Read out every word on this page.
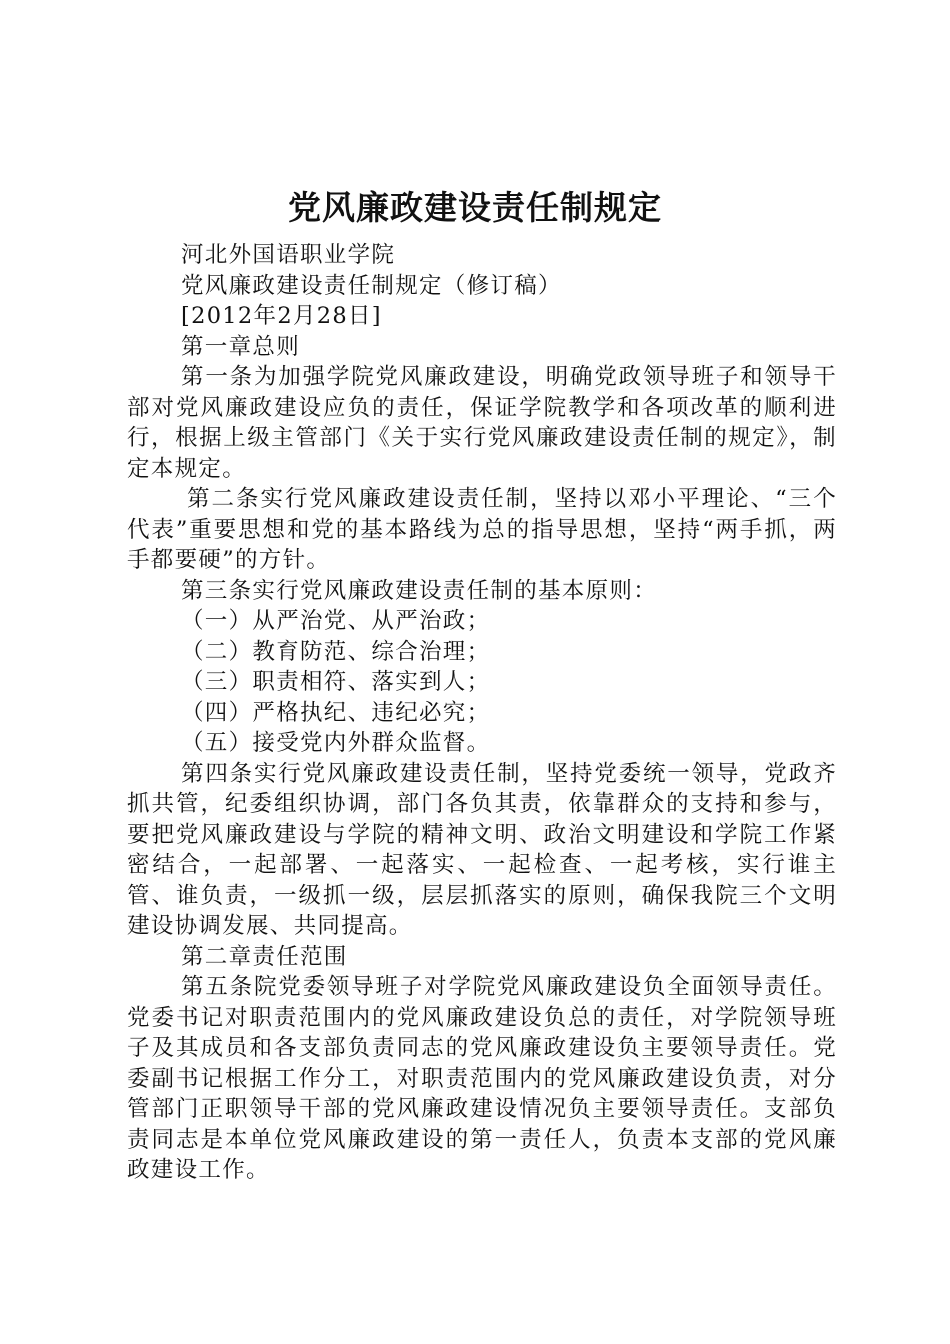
党风廉政建设责任制规定

河北外国语职业学院

党风廉政建设责任制规定（修订稿）

[2012年2月28日]

第一章总则

第一条为加强学院党风廉政建设，明确党政领导班子和领导干部对党风廉政建设应负的责任，保证学院教学和各项改革的顺利进行，根据上级主管部门《关于实行党风廉政建设责任制的规定》，制定本规定。

第二条实行党风廉政建设责任制，坚持以邓小平理论、“三个代表”重要思想和党的基本路线为总的指导思想，坚持“两手抓，两手都要硬”的方针。

第三条实行党风廉政建设责任制的基本原则：

（一）从严治党、从严治政；

（二）教育防范、综合治理；

（三）职责相符、落实到人；

（四）严格执纪、违纪必究；

（五）接受党内外群众监督。

第四条实行党风廉政建设责任制，坚持党委统一领导，党政齐抓共管，纪委组织协调，部门各负其责，依靠群众的支持和参与，要把党风廉政建设与学院的精神文明、政治文明建设和学院工作紧密结合，一起部署、一起落实、一起检查、一起考核，实行谁主管、谁负责，一级抓一级，层层抓落实的原则，确保我院三个文明建设协调发展、共同提高。

第二章责任范围

第五条院党委领导班子对学院党风廉政建设负全面领导责任。党委书记对职责范围内的党风廉政建设负总的责任，对学院领导班子及其成员和各支部负责同志的党风廉政建设负主要领导责任。党委副书记根据工作分工，对职责范围内的党风廉政建设负责，对分管部门正职领导干部的党风廉政建设情况负主要领导责任。支部负责同志是本单位党风廉政建设的第一责任人，负责本支部的党风廉政建设工作。
